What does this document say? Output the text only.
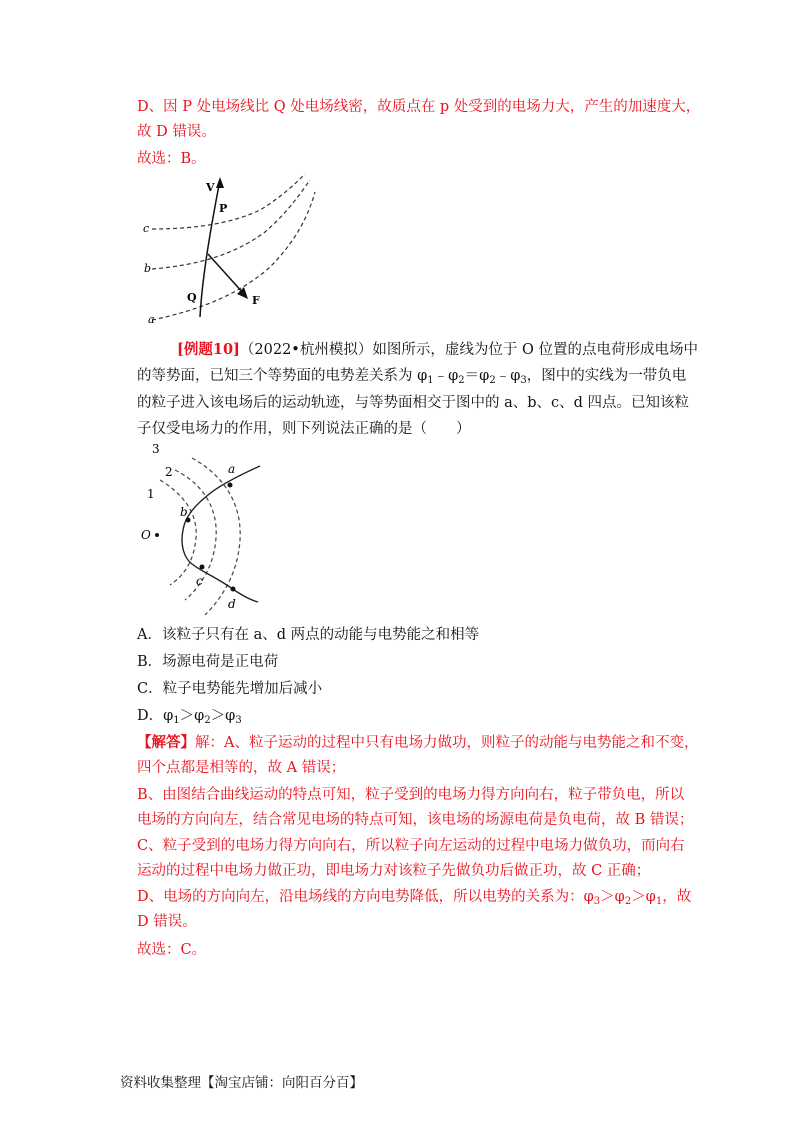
D、因 P 处电场线比 Q 处电场线密，故质点在 p 处受到的电场力大，产生的加速度大，
故 D 错误。
故选：B。
V
P
Q	F
c
b
a
[例题10]（2022•杭州模拟）如图所示，虚线为位于 O 位置的点电荷形成电场中
的等势面，已知三个等势面的电势差关系为 $\varphi_1﹣\varphi_2=\varphi_2﹣\varphi_3$，图中的实线为一带负电
的粒子进入该电场后的运动轨迹，与等势面相交于图中的 a、b、c、d 四点。已知该粒
子仅受电场力的作用，则下列说法正确的是（　　）
3
2
1
O
a
b
c
d
A．该粒子只有在 a、d 两点的动能与电势能之和相等
B．场源电荷是正电荷
C．粒子电势能先增加后减小
D．$\varphi_1>\varphi_2>\varphi_3$
【解答】解：A、粒子运动的过程中只有电场力做功，则粒子的动能与电势能之和不变，
四个点都是相等的，故 A 错误；
B、由图结合曲线运动的特点可知，粒子受到的电场力得方向向右，粒子带负电，所以
电场的方向向左，结合常见电场的特点可知，该电场的场源电荷是负电荷，故 B 错误；
C、粒子受到的电场力得方向向右，所以粒子向左运动的过程中电场力做负功，而向右
运动的过程中电场力做正功，即电场力对该粒子先做负功后做正功，故 C 正确；
D、电场的方向向左，沿电场线的方向电势降低，所以电势的关系为：$\varphi_3>\varphi_2>\varphi_1$，故
D 错误。
故选：C。
资料收集整理【淘宝店铺：向阳百分百】
